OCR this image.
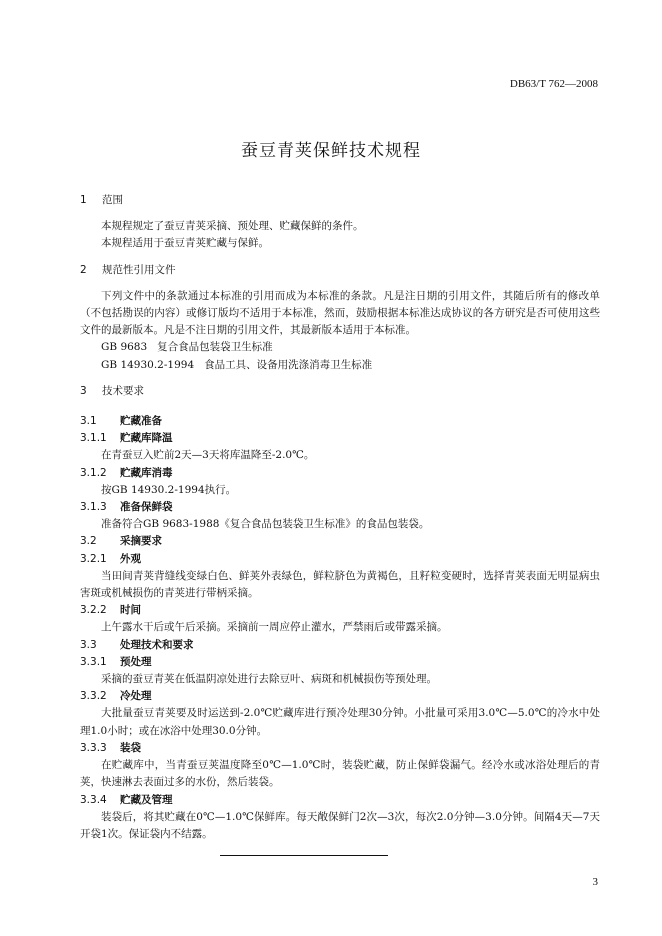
DB63/T 762—2008
蚕豆青荚保鲜技术规程
1 范围

本规程规定了蚕豆青荚采摘、预处理、贮藏保鲜的条件。

本规程适用于蚕豆青荚贮藏与保鲜。

2 规范性引用文件

下列文件中的条款通过本标准的引用而成为本标准的条款。凡是注日期的引用文件，其随后所有的修改单（不包括勘误的内容）或修订版均不适用于本标准，然而，鼓励根据本标准达成协议的各方研究是否可使用这些文件的最新版本。凡是不注日期的引用文件，其最新版本适用于本标准。

GB 9683   复合食品包装袋卫生标准

GB 14930.2-1994   食品工具、设备用洗涤消毒卫生标准

3 技术要求
3.1 贮藏准备
3.1.1 贮藏库降温

在青蚕豆入贮前2天—3天将库温降至-2.0℃。

3.1.2 贮藏库消毒

按GB 14930.2-1994执行。

3.1.3 准备保鲜袋

准备符合GB 9683-1988《复合食品包装袋卫生标准》的食品包装袋。

3.2 采摘要求
3.2.1 外观

当田间青荚背缝线变绿白色、鲜荚外表绿色，鲜粒脐色为黄褐色，且籽粒变硬时，选择青荚表面无明显病虫害斑或机械损伤的青荚进行带柄采摘。

3.2.2 时间

上午露水干后或午后采摘。采摘前一周应停止灌水，严禁雨后或带露采摘。

3.3 处理技术和要求
3.3.1 预处理

采摘的蚕豆青荚在低温阴凉处进行去除豆叶、病斑和机械损伤等预处理。

3.3.2 冷处理

大批量蚕豆青荚要及时运送到-2.0℃贮藏库进行预冷处理30分钟。小批量可采用3.0℃—5.0℃的冷水中处理1.0小时；或在冰浴中处理30.0分钟。

3.3.3 装袋

在贮藏库中，当青蚕豆荚温度降至0℃—1.0℃时，装袋贮藏，防止保鲜袋漏气。经冷水或冰浴处理后的青荚，快速淋去表面过多的水份，然后装袋。

3.3.4 贮藏及管理

装袋后，将其贮藏在0℃—1.0℃保鲜库。每天敞保鲜门2次—3次，每次2.0分钟—3.0分钟。间隔4天—7天开袋1次。保证袋内不结露。

3
